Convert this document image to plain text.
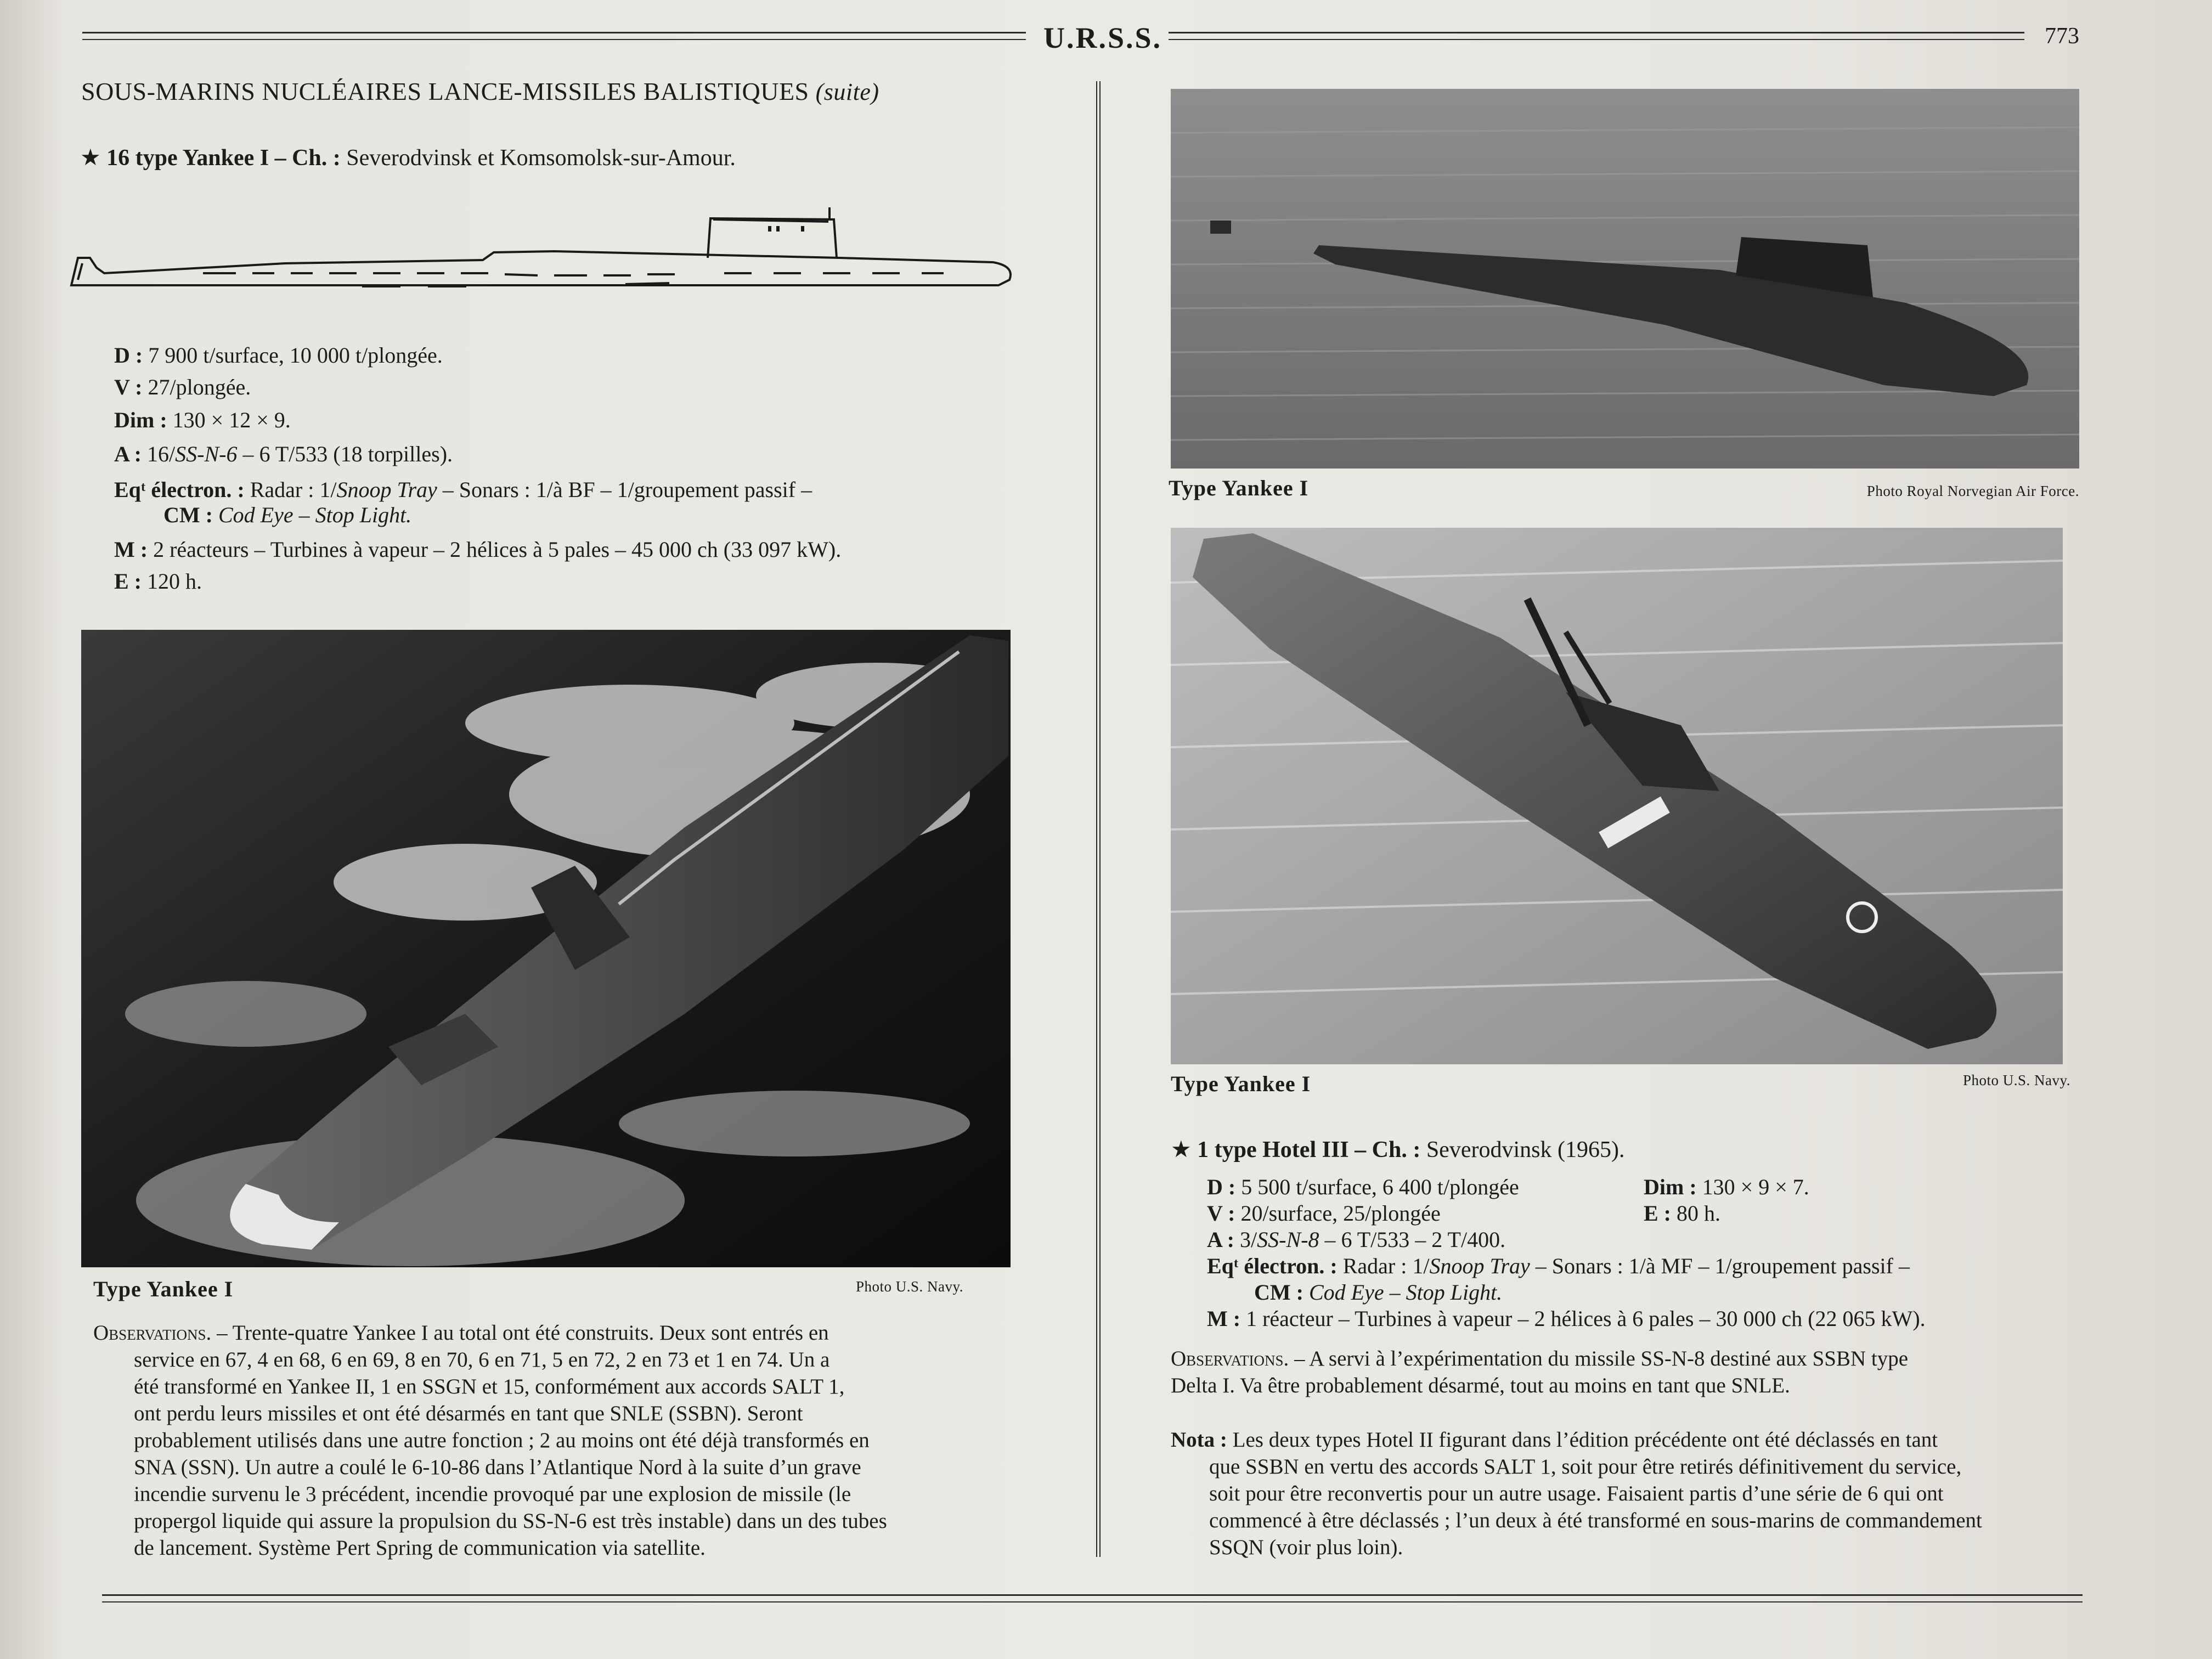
U.R.S.S.	773
SOUS-MARINS NUCLÉAIRES LANCE-MISSILES BALISTIQUES (suite)
★ 16 type Yankee I – Ch. : Severodvinsk et Komsomolsk-sur-Amour.
D : 7 900 t/surface, 10 000 t/plongée.
V : 27/plongée.
Dim : 130 × 12 × 9.
A : 16/SS-N-6 – 6 T/533 (18 torpilles).
Eqᵗ électron. : Radar : 1/Snoop Tray – Sonars : 1/à BF – 1/groupement passif –
CM : Cod Eye – Stop Light.
M : 2 réacteurs – Turbines à vapeur – 2 hélices à 5 pales – 45 000 ch (33 097 kW).
E : 120 h.
Type Yankee I	Photo U.S. Navy.
Observations. – Trente-quatre Yankee I au total ont été construits. Deux sont entrés en
service en 67, 4 en 68, 6 en 69, 8 en 70, 6 en 71, 5 en 72, 2 en 73 et 1 en 74. Un a
été transformé en Yankee II, 1 en SSGN et 15, conformément aux accords SALT 1,
ont perdu leurs missiles et ont été désarmés en tant que SNLE (SSBN). Seront
probablement utilisés dans une autre fonction ; 2 au moins ont été déjà transformés en
SNA (SSN). Un autre a coulé le 6-10-86 dans l’Atlantique Nord à la suite d’un grave
incendie survenu le 3 précédent, incendie provoqué par une explosion de missile (le
propergol liquide qui assure la propulsion du SS-N-6 est très instable) dans un des tubes
de lancement. Système Pert Spring de communication via satellite.
Type Yankee I	Photo Royal Norvegian Air Force.
Type Yankee I	Photo U.S. Navy.
★ 1 type Hotel III – Ch. : Severodvinsk (1965).
D : 5 500 t/surface, 6 400 t/plongée	Dim : 130 × 9 × 7.
V : 20/surface, 25/plongée	E : 80 h.
A : 3/SS-N-8 – 6 T/533 – 2 T/400.
Eqᵗ électron. : Radar : 1/Snoop Tray – Sonars : 1/à MF – 1/groupement passif –
CM : Cod Eye – Stop Light.
M : 1 réacteur – Turbines à vapeur – 2 hélices à 6 pales – 30 000 ch (22 065 kW).
Observations. – A servi à l’expérimentation du missile SS-N-8 destiné aux SSBN type
Delta I. Va être probablement désarmé, tout au moins en tant que SNLE.
Nota : Les deux types Hotel II figurant dans l’édition précédente ont été déclassés en tant
que SSBN en vertu des accords SALT 1, soit pour être retirés définitivement du service,
soit pour être reconvertis pour un autre usage. Faisaient partis d’une série de 6 qui ont
commencé à être déclassés ; l’un deux à été transformé en sous-marins de commandement
SSQN (voir plus loin).
